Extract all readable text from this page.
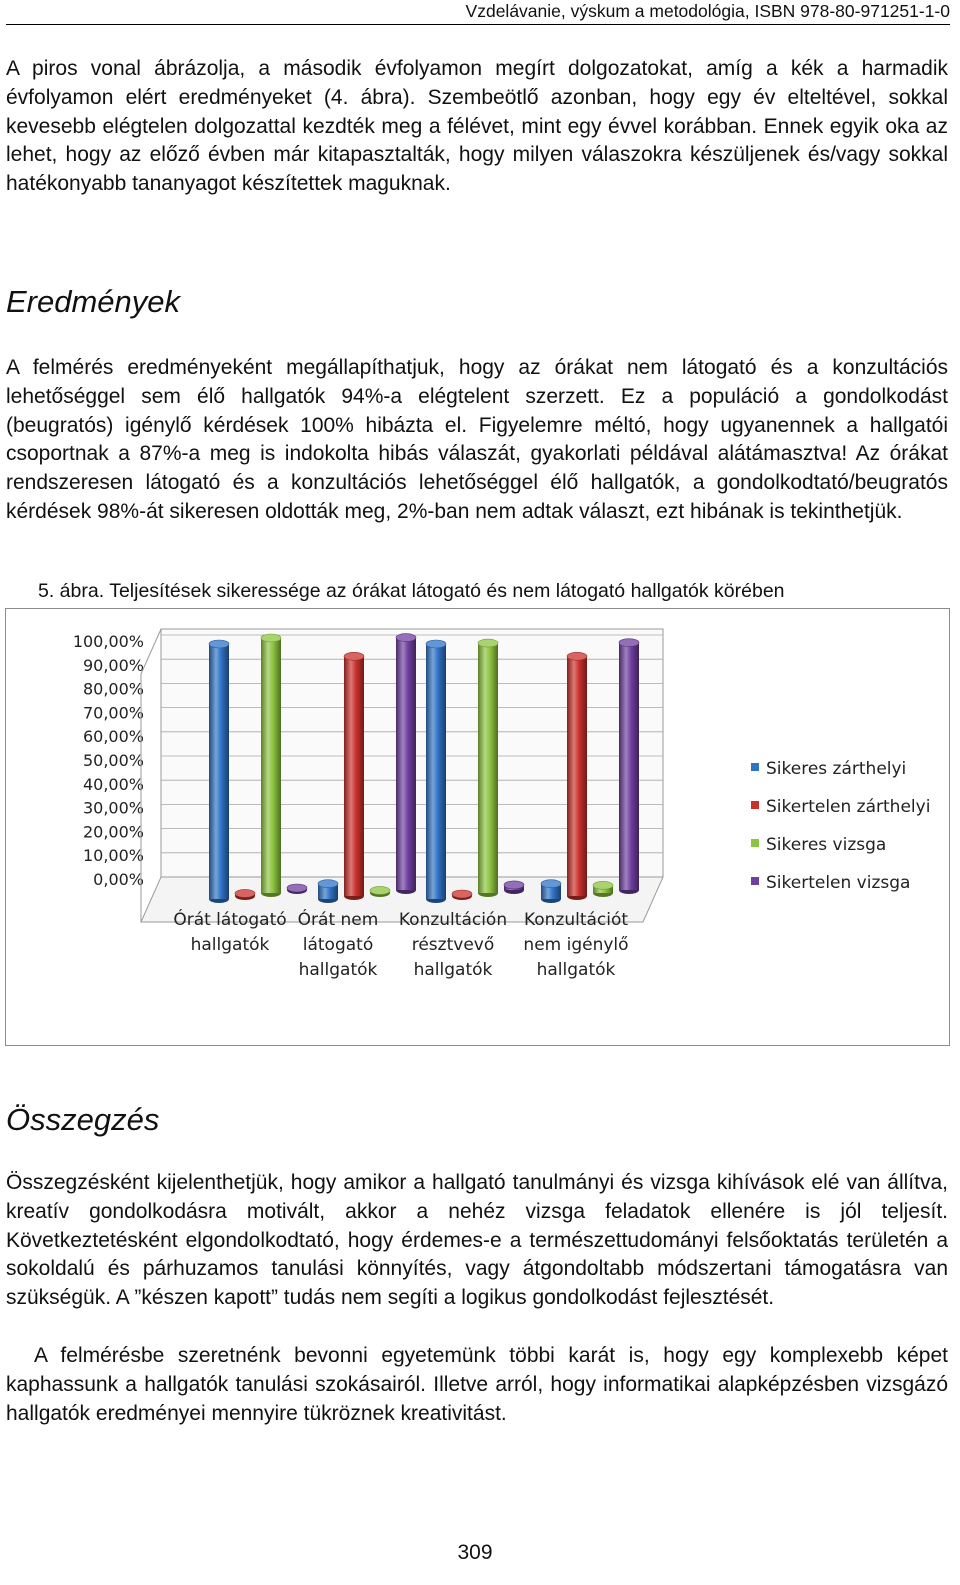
Vzdelávanie, výskum a metodológia, ISBN 978-80-971251-1-0

A piros vonal ábrázolja, a második évfolyamon megírt dolgozatokat, amíg a kék a harmadik évfolyamon elért eredményeket (4. ábra). Szembeötlő azonban, hogy egy év elteltével, sokkal kevesebb elégtelen dolgozattal kezdték meg a félévet, mint egy évvel korábban. Ennek egyik oka az lehet, hogy az előző évben már kitapasztalták, hogy milyen válaszokra készüljenek és/vagy sokkal hatékonyabb tananyagot készítettek maguknak.

Eredmények

A felmérés eredményeként megállapíthatjuk, hogy az órákat nem látogató és a konzultációs lehetőséggel sem élő hallgatók 94%-a elégtelent szerzett. Ez a populáció a gondolkodást (beugratós) igénylő kérdések 100% hibázta el. Figyelemre méltó, hogy ugyanennek a hallgatói csoportnak a 87%-a meg is indokolta hibás válaszát, gyakorlati példával alátámasztva! Az órákat rendszeresen látogató és a konzultációs lehetőséggel élő hallgatók, a gondolkodtató/beugratós kérdések 98%-át sikeresen oldották meg, 2%-ban nem adtak választ, ezt hibának is tekinthetjük.

5. ábra. Teljesítések sikeressége az órákat látogató és nem látogató hallgatók körében
100,00%
90,00%
80,00%
70,00%
60,00%
50,00%
40,00%
30,00%
20,00%
10,00%
0,00%
Órát látogató hallgatók
Órát nem látogató hallgatók
Konzultáción résztvevő hallgatók
Konzultációt nem igénylő hallgatók
Sikeres zárthelyi
Sikertelen zárthelyi
Sikeres vizsga
Sikertelen vizsga
Összegzés

Összegzésként kijelenthetjük, hogy amikor a hallgató tanulmányi és vizsga kihívások elé van állítva, kreatív gondolkodásra motivált, akkor a nehéz vizsga feladatok ellenére is jól teljesít. Következtetésként elgondolkodtató, hogy érdemes-e a természettudományi felsőoktatás területén a sokoldalú és párhuzamos tanulási könnyítés, vagy átgondoltabb módszertani támogatásra van szükségük. A ”készen kapott” tudás nem segíti a logikus gondolkodást fejlesztését.

A felmérésbe szeretnénk bevonni egyetemünk többi karát is, hogy egy komplexebb képet kaphassunk a hallgatók tanulási szokásairól. Illetve arról, hogy informatikai alapképzésben vizsgázó hallgatók eredményei mennyire tükröznek kreativitást.

309
